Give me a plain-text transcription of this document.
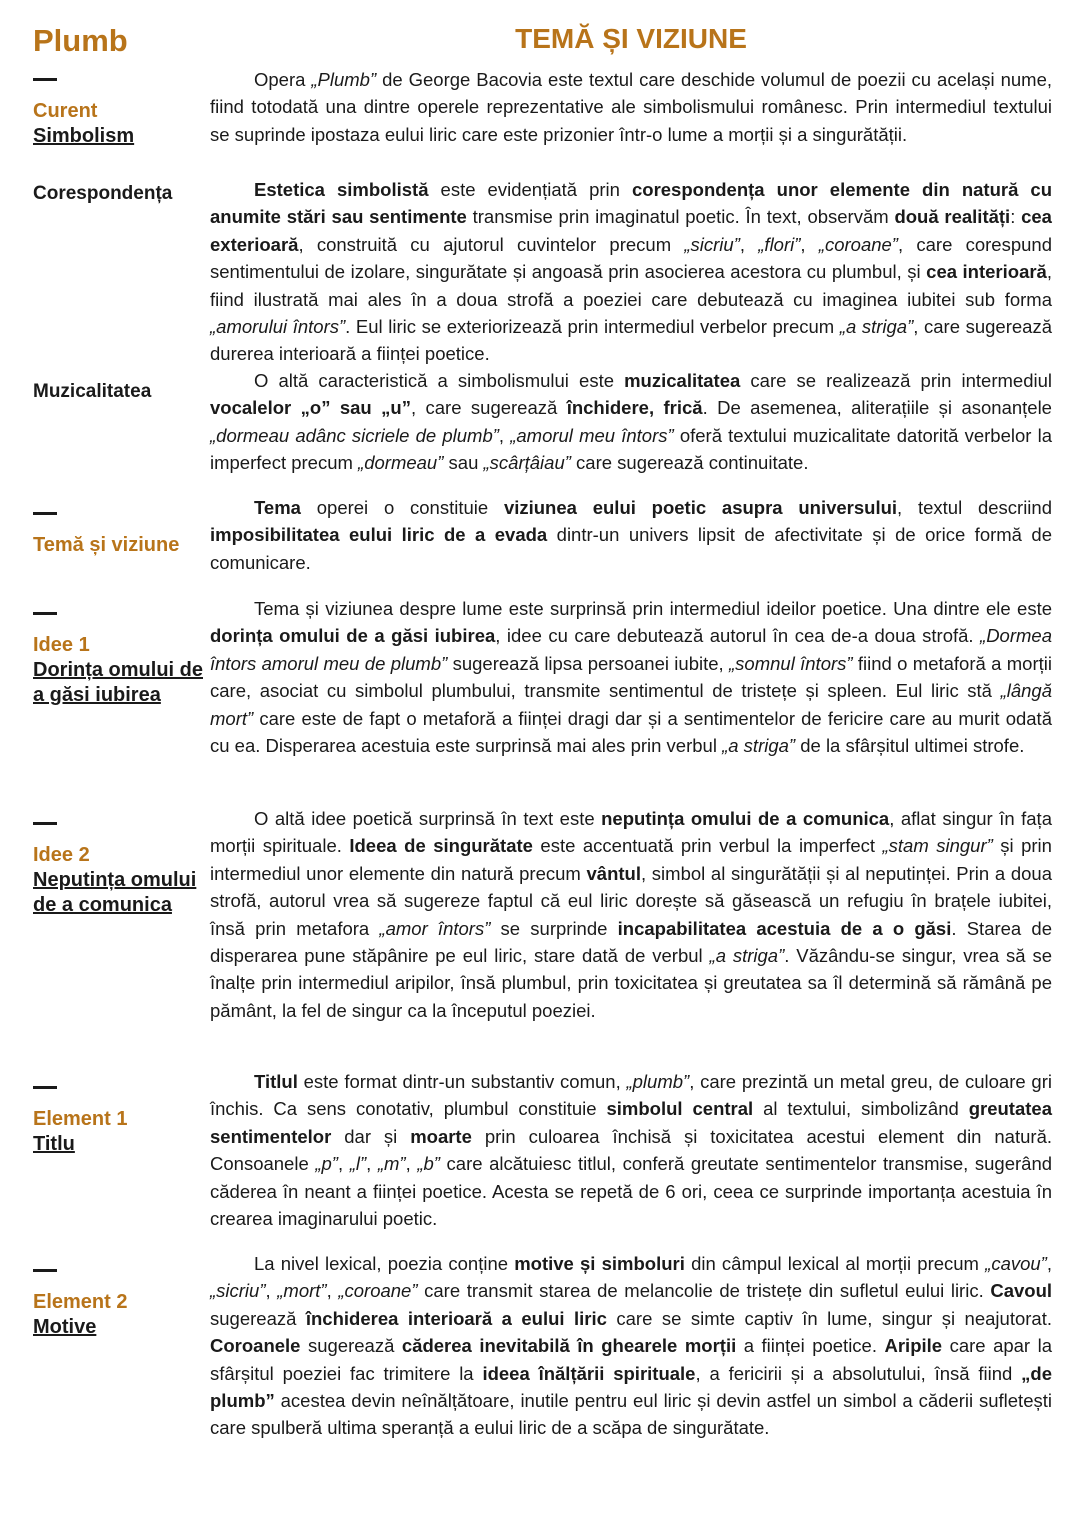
Plumb	TEMĂ ȘI VIZIUNE
Curent
Simbolism
Corespondența
Muzicalitatea
Temă și viziune
Idee 1
Dorința omului de a găsi iubirea
Idee 2
Neputința omului de a comunica
Element 1
Titlu
Element 2
Motive

Opera „Plumb” de George Bacovia este textul care deschide volumul de poezii cu același nume, fiind totodată una dintre operele reprezentative ale simbolismului românesc. Prin intermediul textului se suprinde ipostaza eului liric care este prizonier într-o lume a morții și a singurătății.

Estetica simbolistă este evidențiată prin corespondența unor elemente din natură cu anumite stări sau sentimente transmise prin imaginatul poetic. În text, observăm două realități: cea exterioară, construită cu ajutorul cuvintelor precum „sicriu”, „flori”, „coroane”, care corespund sentimentului de izolare, singurătate și angoasă prin asocierea acestora cu plumbul, și cea interioară, fiind ilustrată mai ales în a doua strofă a poeziei care debutează cu imaginea iubitei sub forma „amorului întors”. Eul liric se exteriorizează prin intermediul verbelor precum „a striga”, care sugerează durerea interioară a ființei poetice.

O altă caracteristică a simbolismului este muzicalitatea care se realizează prin intermediul vocalelor „o” sau „u”, care sugerează închidere, frică. De asemenea, aliterațiile și asonanțele „dormeau adânc sicriele de plumb”, „amorul meu întors” oferă textului muzicalitate datorită verbelor la imperfect precum „dormeau” sau „scârțâiau” care sugerează continuitate.

Tema operei o constituie viziunea eului poetic asupra universului, textul descriind imposibilitatea eului liric de a evada dintr-un univers lipsit de afectivitate și de orice formă de comunicare.

Tema și viziunea despre lume este surprinsă prin intermediul ideilor poetice. Una dintre ele este dorința omului de a găsi iubirea, idee cu care debutează autorul în cea de-a doua strofă. „Dormea întors amorul meu de plumb” sugerează lipsa persoanei iubite, „somnul întors” fiind o metaforă a morții care, asociat cu simbolul plumbului, transmite sentimentul de tristețe și spleen. Eul liric stă „lângă mort” care este de fapt o metaforă a ființei dragi dar și a sentimentelor de fericire care au murit odată cu ea. Disperarea acestuia este surprinsă mai ales prin verbul „a striga” de la sfârșitul ultimei strofe.

O altă idee poetică surprinsă în text este neputința omului de a comunica, aflat singur în fața morții spirituale. Ideea de singurătate este accentuată prin verbul la imperfect „stam singur” și prin intermediul unor elemente din natură precum vântul, simbol al singurătății și al neputinței. Prin a doua strofă, autorul vrea să sugereze faptul că eul liric dorește să găsească un refugiu în brațele iubitei, însă prin metafora „amor întors” se surprinde incapabilitatea acestuia de a o găsi. Starea de disperarea pune stăpânire pe eul liric, stare dată de verbul „a striga”. Văzându-se singur, vrea să se înalțe prin intermediul aripilor, însă plumbul, prin toxicitatea și greutatea sa îl determină să rămână pe pământ, la fel de singur ca la începutul poeziei.

Titlul este format dintr-un substantiv comun, „plumb”, care prezintă un metal greu, de culoare gri închis. Ca sens conotativ, plumbul constituie simbolul central al textului, simbolizând greutatea sentimentelor dar și moarte prin culoarea închisă și toxicitatea acestui element din natură. Consoanele „p”, „l”, „m”, „b” care alcătuiesc titlul, conferă greutate sentimentelor transmise, sugerând căderea în neant a ființei poetice. Acesta se repetă de 6 ori, ceea ce surprinde importanța acestuia în crearea imaginarului poetic.

La nivel lexical, poezia conține motive și simboluri din câmpul lexical al morții precum „cavou”, „sicriu”, „mort”, „coroane” care transmit starea de melancolie de tristețe din sufletul eului liric. Cavoul sugerează închiderea interioară a eului liric care se simte captiv în lume, singur și neajutorat. Coroanele sugerează căderea inevitabilă în ghearele morții a ființei poetice. Aripile care apar la sfârșitul poeziei fac trimitere la ideea înălțării spirituale, a fericirii și a absolutului, însă fiind „de plumb” acestea devin neînălțătoare, inutile pentru eul liric și devin astfel un simbol a căderii sufletești care spulberă ultima speranță a eului liric de a scăpa de singurătate.
